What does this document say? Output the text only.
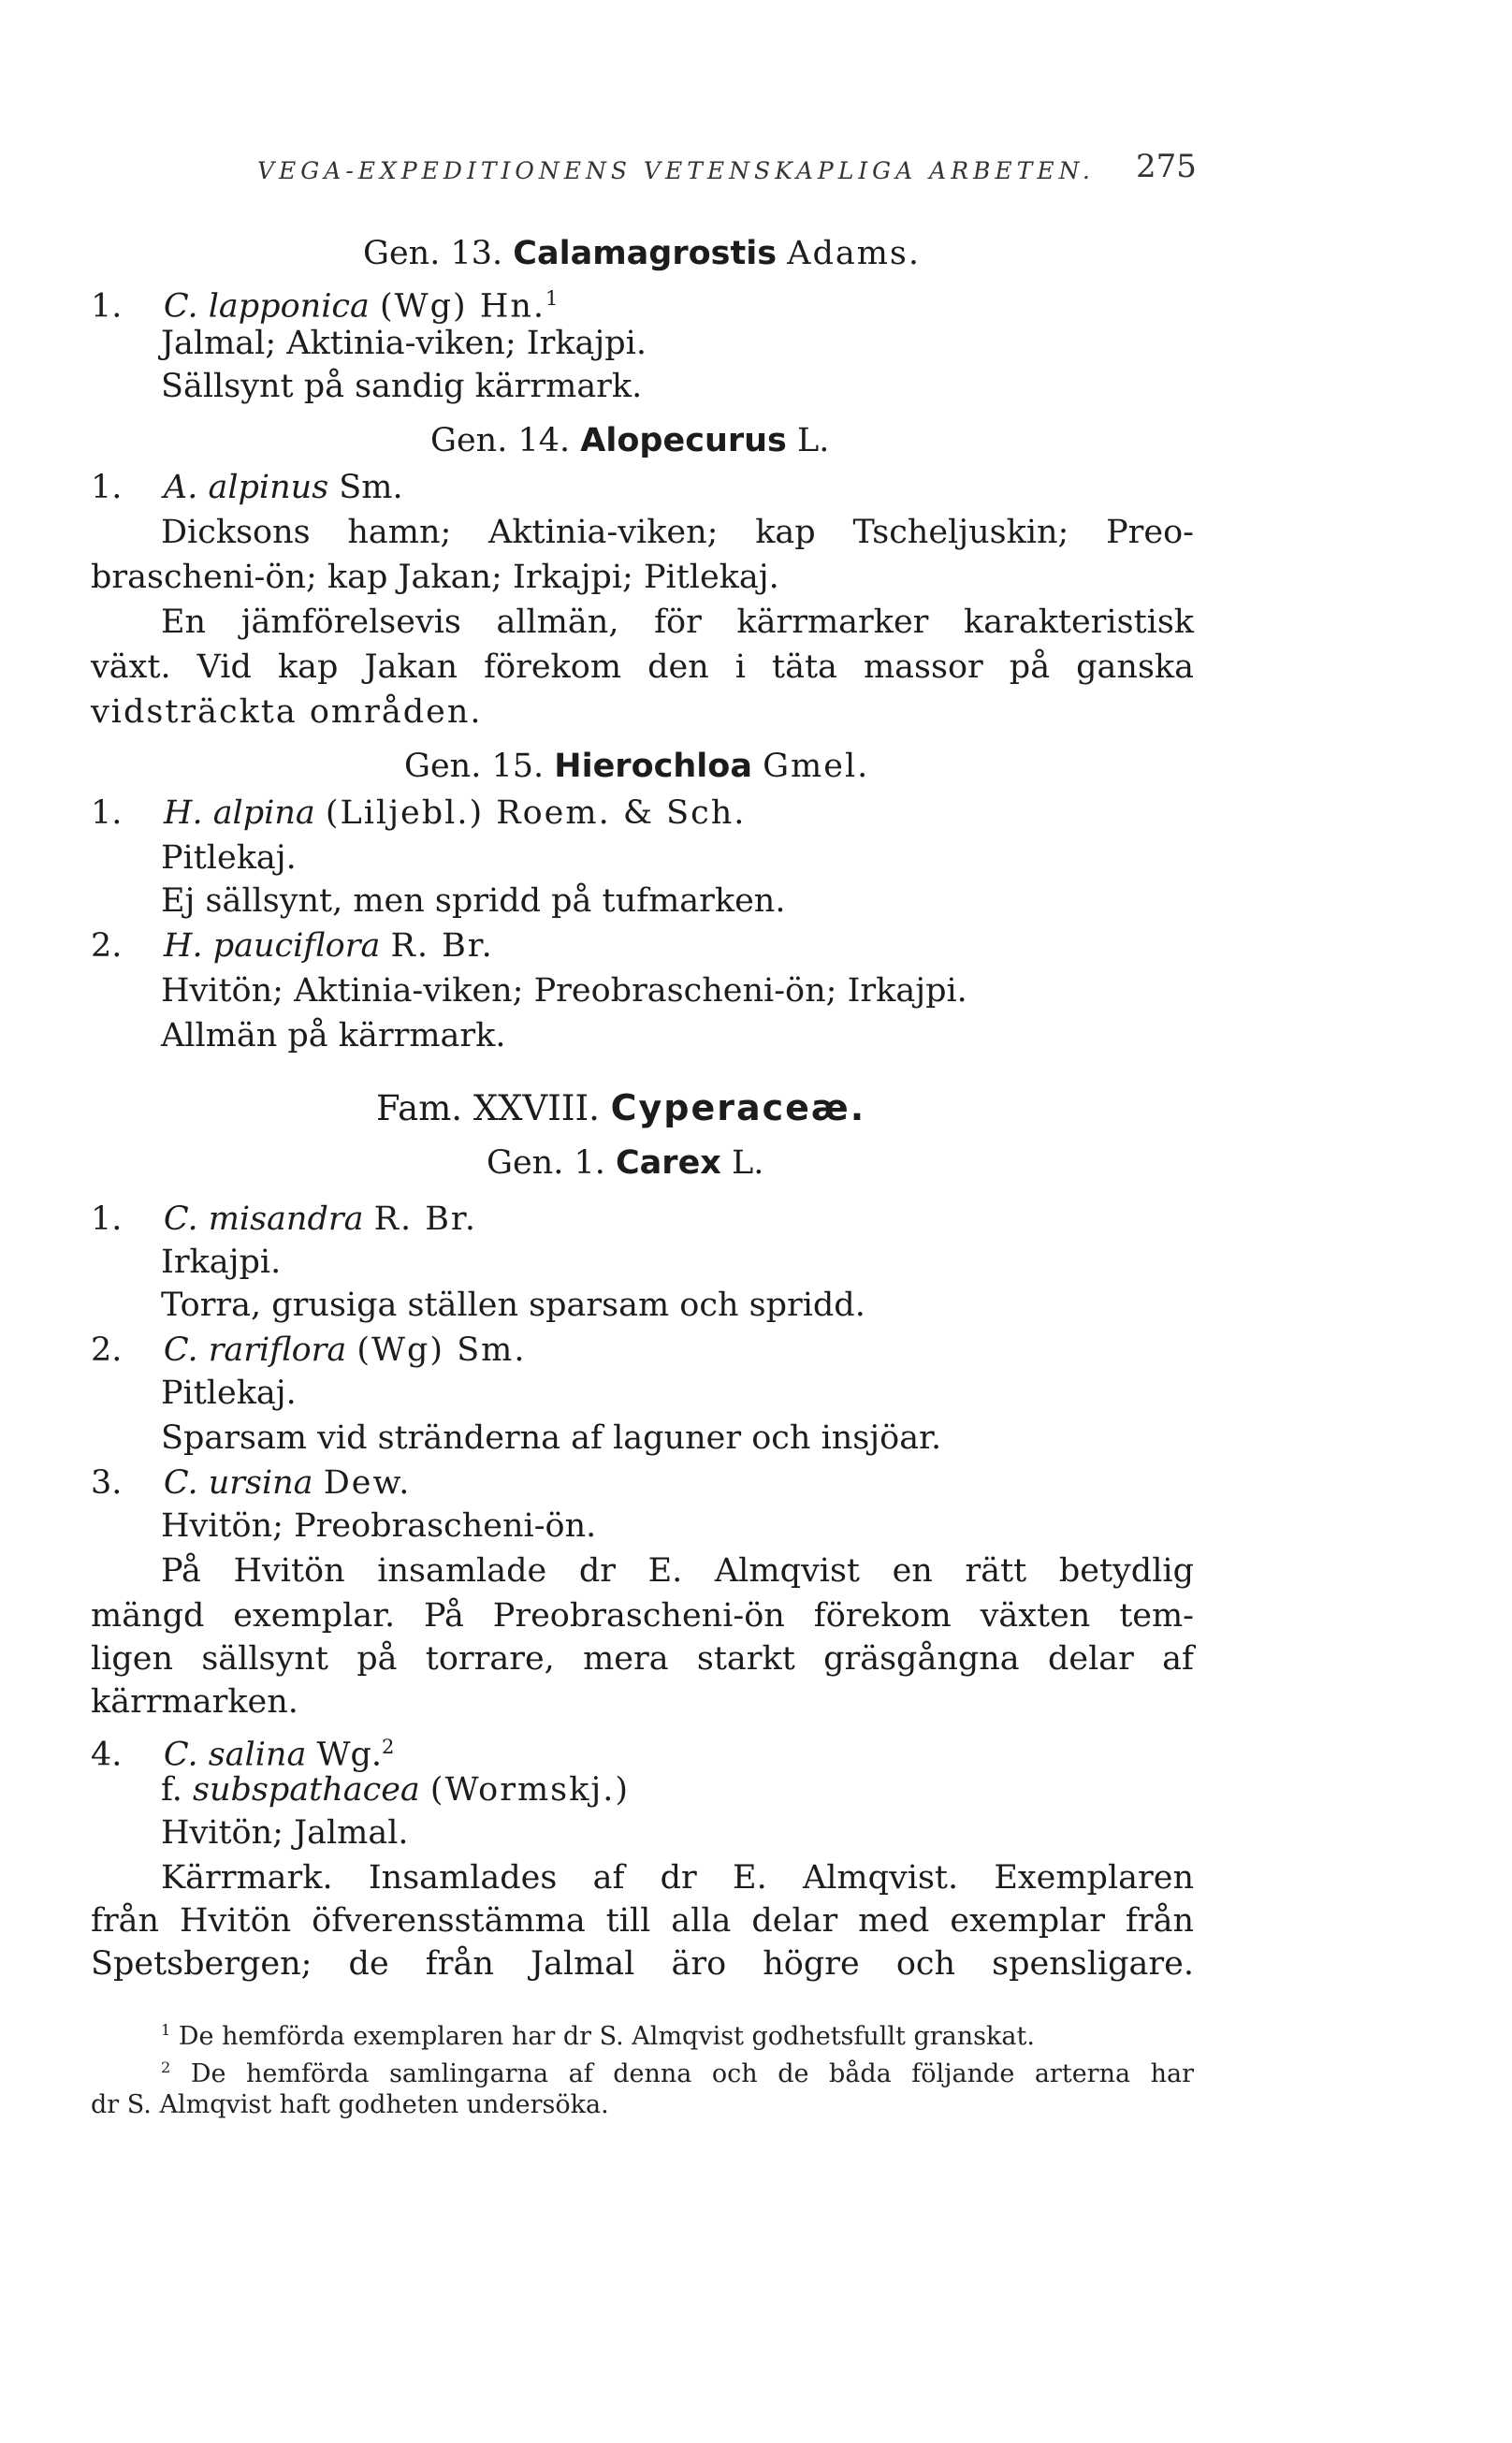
VEGA-EXPEDITIONENS VETENSKAPLIGA ARBETEN. 275
Gen. 13. Calamagrostis Adams.
1. C. lapponica (Wg) Hn.$^1$
Jalmal; Aktinia-viken; Irkajpi.
Sällsynt på sandig kärrmark.
Gen. 14. Alopecurus L.
1. A. alpinus Sm.
Dicksons hamn; Aktinia-viken; kap Tscheljuskin; Preo-
brascheni-ön; kap Jakan; Irkajpi; Pitlekaj.
En jämförelsevis allmän, för kärrmarker karakteristisk
växt. Vid kap Jakan förekom den i täta massor på ganska
vidsträckta områden.
Gen. 15. Hierochloa Gmel.
1. H. alpina (Liljebl.) Roem. & Sch.
Pitlekaj.
Ej sällsynt, men spridd på tufmarken.
2. H. pauciflora R. Br.
Hvitön; Aktinia-viken; Preobrascheni-ön; Irkajpi.
Allmän på kärrmark.
Fam. XXVIII. Cyperaceæ.
Gen. 1. Carex L.
1. C. misandra R. Br.
Irkajpi.
Torra, grusiga ställen sparsam och spridd.
2. C. rariflora (Wg) Sm.
Pitlekaj.
Sparsam vid stränderna af laguner och insjöar.
3. C. ursina Dew.
Hvitön; Preobrascheni-ön.
På Hvitön insamlade dr E. Almqvist en rätt betydlig
mängd exemplar. På Preobrascheni-ön förekom växten tem-
ligen sällsynt på torrare, mera starkt gräsgångna delar af
kärrmarken.
4. C. salina Wg.$^2$
f. subspathacea (Wormskj.)
Hvitön; Jalmal.
Kärrmark. Insamlades af dr E. Almqvist. Exemplaren
från Hvitön öfverensstämma till alla delar med exemplar från
Spetsbergen; de från Jalmal äro högre och spensligare.
$^1$ De hemförda exemplaren har dr S. Almqvist godhetsfullt granskat.
$^2$ De hemförda samlingarna af denna och de båda följande arterna har
dr S. Almqvist haft godheten undersöka.
